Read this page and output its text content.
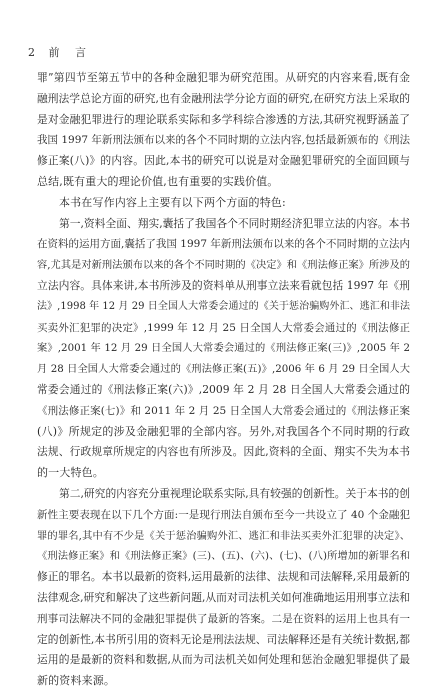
2 前 言
罪”第四节至第五节中的各种金融犯罪为研究范围。从研究的内容来看,既有金
融刑法学总论方面的研究,也有金融刑法学分论方面的研究,在研究方法上采取的
是对金融犯罪进行的理论联系实际和多学科综合渗透的方法,其研究视野涵盖了
我国 1997 年新刑法颁布以来的各个不同时期的立法内容,包括最新颁布的《刑法
修正案(八)》的内容。因此,本书的研究可以说是对金融犯罪研究的全面回顾与
总结,既有重大的理论价值,也有重要的实践价值。
本书在写作内容上主要有以下两个方面的特色:
第一,资料全面、翔实,囊括了我国各个不同时期经济犯罪立法的内容。本书
在资料的运用方面,囊括了我国 1997 年新刑法颁布以来的各个不同时期的立法内
容,尤其是对新刑法颁布以来的各个不同时期的《决定》和《刑法修正案》所涉及的
立法内容。具体来讲,本书所涉及的资料单从刑事立法来看就包括 1997 年《刑
法》,1998 年 12 月 29 日全国人大常委会通过的《关于惩治骗购外汇、逃汇和非法
买卖外汇犯罪的决定》,1999 年 12 月 25 日全国人大常委会通过的《刑法修正
案》,2001 年 12 月 29 日全国人大常委会通过的《刑法修正案(三)》,2005 年 2
月 28 日全国人大常委会通过的《刑法修正案(五)》,2006 年 6 月 29 日全国人大
常委会通过的《刑法修正案(六)》,2009 年 2 月 28 日全国人大常委会通过的
《刑法修正案(七)》和 2011 年 2 月 25 日全国人大常委会通过的《刑法修正案
(八)》所规定的涉及金融犯罪的全部内容。另外,对我国各个不同时期的行政
法规、行政规章所规定的内容也有所涉及。因此,资料的全面、翔实不失为本书
的一大特色。
第二,研究的内容充分重视理论联系实际,具有较强的创新性。关于本书的创
新性主要表现在以下几个方面:一是现行刑法自颁布至今一共设立了 40 个金融犯
罪的罪名,其中有不少是《关于惩治骗购外汇、逃汇和非法买卖外汇犯罪的决定》、
《刑法修正案》和《刑法修正案》(三)、(五)、(六)、(七)、(八)所增加的新罪名和
修正的罪名。本书以最新的资料,运用最新的法律、法规和司法解释,采用最新的
法律观念,研究和解决了这些新问题,从而对司法机关如何准确地运用刑事立法和
刑事司法解决不同的金融犯罪提供了最新的答案。二是在资料的运用上也具有一
定的创新性,本书所引用的资料无论是刑法法规、司法解释还是有关统计数据,都
运用的是最新的资料和数据,从而为司法机关如何处理和惩治金融犯罪提供了最
新的资料来源。
